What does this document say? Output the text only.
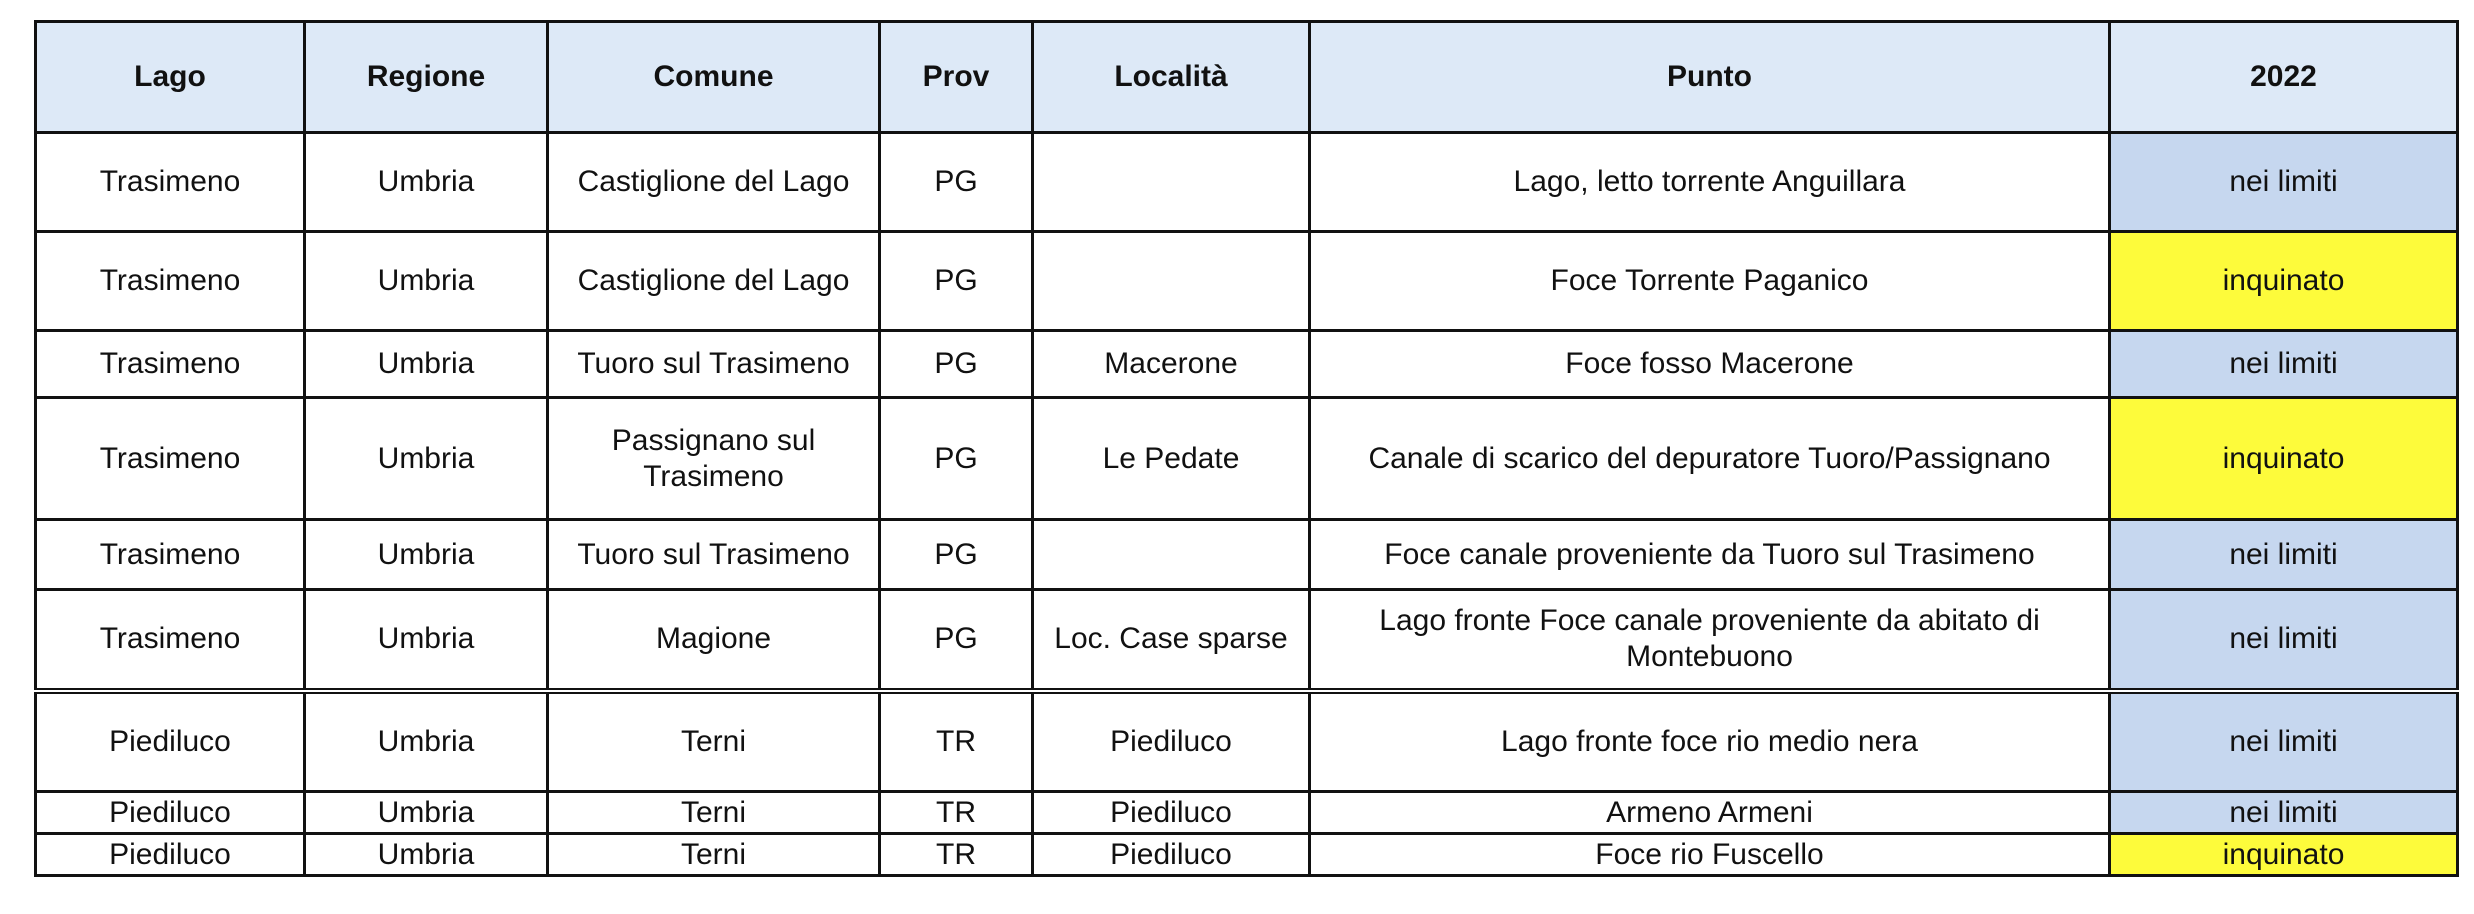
Lago	Regione	Comune	Prov	Località	Punto	2022
Trasimeno	Umbria	Castiglione del Lago	PG		Lago, letto torrente Anguillara	nei limiti
Trasimeno	Umbria	Castiglione del Lago	PG		Foce Torrente Paganico	inquinato
Trasimeno	Umbria	Tuoro sul Trasimeno	PG	Macerone	Foce fosso Macerone	nei limiti
Trasimeno	Umbria	Passignano sul Trasimeno	PG	Le Pedate	Canale di scarico del depuratore Tuoro/Passignano	inquinato
Trasimeno	Umbria	Tuoro sul Trasimeno	PG		Foce canale proveniente da Tuoro sul Trasimeno	nei limiti
Trasimeno	Umbria	Magione	PG	Loc. Case sparse	Lago fronte Foce canale proveniente da abitato di Montebuono	nei limiti
Piediluco	Umbria	Terni	TR	Piediluco	Lago fronte foce rio medio nera	nei limiti
Piediluco	Umbria	Terni	TR	Piediluco	Armeno Armeni	nei limiti
Piediluco	Umbria	Terni	TR	Piediluco	Foce rio Fuscello	inquinato
